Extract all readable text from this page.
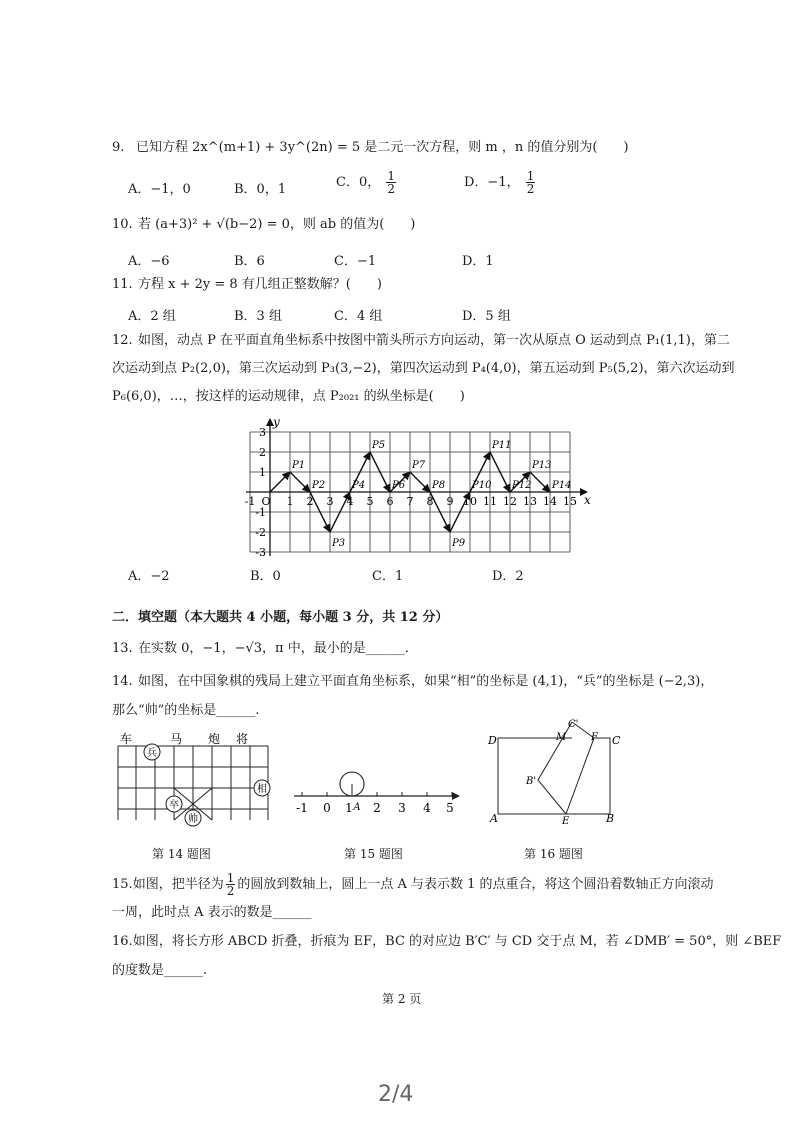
9. 已知方程 2x^(m+1) + 3y^(2n) = 5 是二元一次方程，则 m ，n 的值分别为(　　)
A．−1，0	B．0，1	C．0， $\frac{1}{2}$	D．−1， $\frac{1}{2}$
10. 若 (a+3)² + √(b−2) = 0，则 ab 的值为(　　)
A．−6	B．6	C．−1	D．1
11. 方程 x + 2y = 8 有几组正整数解？(　　)
A．2 组	B．3 组	C．4 组	D．5 组
12. 如图，动点 P 在平面直角坐标系中按图中箭头所示方向运动，第一次从原点 O 运动到点 P₁(1,1)，第二
次运动到点 P₂(2,0)，第三次运动到 P₃(3,−2)，第四次运动到 P₄(4,0)，第五运动到 P₅(5,2)，第六次运动到
P₆(6,0)，…，按这样的运动规律，点 P₂₀₂₁ 的纵坐标是(　　)
x
y
-1 O 1 2 3 4 5 6 7 8 9 10 11 12 13 14 15
3
2
1
-1
-2
-3
P1
P2
P3
P4
P5
P6
P7
P8
P9
P10
P11
P12
P13
P14
A．−2	B．0	C．1	D．2
二．填空题（本大题共 4 小题，每小题 3 分，共 12 分）
13. 在实数 0，−1，−√3，π 中，最小的是______.
14. 如图，在中国象棋的残局上建立平面直角坐标系，如果“相”的坐标是 (4,1)，“兵”的坐标是 (−2,3)，
那么“帅”的坐标是______.
车	马 炮 将
兵
相
卒
帅
-1 0 1 A 2 3 4 5
D	M
C'
F C
B'
A	E	B
第 14 题图	第 15 题图	第 16 题图
15.如图，把半径为 $\frac{1}{2}$ 的圆放到数轴上，圆上一点 A 与表示数 1 的点重合，将这个圆沿着数轴正方向滚动
一周，此时点 A 表示的数是______
16.如图，将长方形 ABCD 折叠，折痕为 EF，BC 的对应边 B′C′ 与 CD 交于点 M，若 ∠DMB′ = 50°，则 ∠BEF
的度数是______.
第 2 页
2/4
